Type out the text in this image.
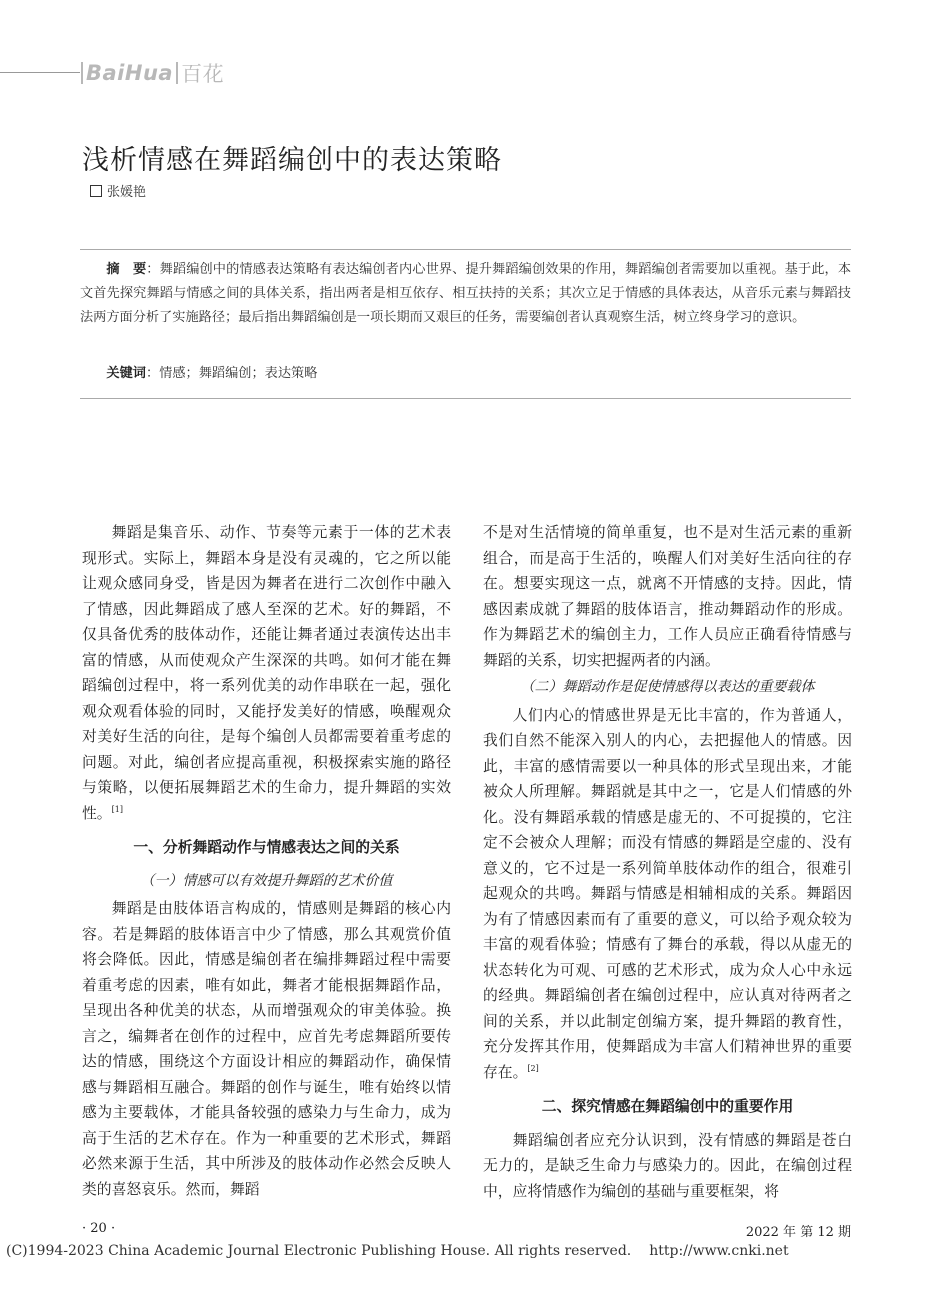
BaiHua 百花
浅析情感在舞蹈编创中的表达策略
张媛艳

摘　要：舞蹈编创中的情感表达策略有表达编创者内心世界、提升舞蹈编创效果的作用，舞蹈编创者需要加以重视。基于此，本文首先探究舞蹈与情感之间的具体关系，指出两者是相互依存、相互扶持的关系；其次立足于情感的具体表达，从音乐元素与舞蹈技法两方面分析了实施路径；最后指出舞蹈编创是一项长期而又艰巨的任务，需要编创者认真观察生活，树立终身学习的意识。

关键词：情感；舞蹈编创；表达策略

舞蹈是集音乐、动作、节奏等元素于一体的艺术表现形式。实际上，舞蹈本身是没有灵魂的，它之所以能让观众感同身受，皆是因为舞者在进行二次创作中融入了情感，因此舞蹈成了感人至深的艺术。好的舞蹈，不仅具备优秀的肢体动作，还能让舞者通过表演传达出丰富的情感，从而使观众产生深深的共鸣。如何才能在舞蹈编创过程中，将一系列优美的动作串联在一起，强化观众观看体验的同时，又能抒发美好的情感，唤醒观众对美好生活的向往，是每个编创人员都需要着重考虑的问题。对此，编创者应提高重视，积极探索实施的路径与策略，以便拓展舞蹈艺术的生命力，提升舞蹈的实效性。[1]

一、分析舞蹈动作与情感表达之间的关系
（一）情感可以有效提升舞蹈的艺术价值

舞蹈是由肢体语言构成的，情感则是舞蹈的核心内容。若是舞蹈的肢体语言中少了情感，那么其观赏价值将会降低。因此，情感是编创者在编排舞蹈过程中需要着重考虑的因素，唯有如此，舞者才能根据舞蹈作品，呈现出各种优美的状态，从而增强观众的审美体验。换言之，编舞者在创作的过程中，应首先考虑舞蹈所要传达的情感，围绕这个方面设计相应的舞蹈动作，确保情感与舞蹈相互融合。舞蹈的创作与诞生，唯有始终以情感为主要载体，才能具备较强的感染力与生命力，成为高于生活的艺术存在。作为一种重要的艺术形式，舞蹈必然来源于生活，其中所涉及的肢体动作必然会反映人类的喜怒哀乐。然而，舞蹈

不是对生活情境的简单重复，也不是对生活元素的重新组合，而是高于生活的，唤醒人们对美好生活向往的存在。想要实现这一点，就离不开情感的支持。因此，情感因素成就了舞蹈的肢体语言，推动舞蹈动作的形成。作为舞蹈艺术的编创主力，工作人员应正确看待情感与舞蹈的关系，切实把握两者的内涵。

（二）舞蹈动作是促使情感得以表达的重要载体

人们内心的情感世界是无比丰富的，作为普通人，我们自然不能深入别人的内心，去把握他人的情感。因此，丰富的感情需要以一种具体的形式呈现出来，才能被众人所理解。舞蹈就是其中之一，它是人们情感的外化。没有舞蹈承载的情感是虚无的、不可捉摸的，它注定不会被众人理解；而没有情感的舞蹈是空虚的、没有意义的，它不过是一系列简单肢体动作的组合，很难引起观众的共鸣。舞蹈与情感是相辅相成的关系。舞蹈因为有了情感因素而有了重要的意义，可以给予观众较为丰富的观看体验；情感有了舞台的承载，得以从虚无的状态转化为可观、可感的艺术形式，成为众人心中永远的经典。舞蹈编创者在编创过程中，应认真对待两者之间的关系，并以此制定创编方案，提升舞蹈的教育性，充分发挥其作用，使舞蹈成为丰富人们精神世界的重要存在。[2]

二、探究情感在舞蹈编创中的重要作用

舞蹈编创者应充分认识到，没有情感的舞蹈是苍白无力的，是缺乏生命力与感染力的。因此，在编创过程中，应将情感作为编创的基础与重要框架，将

· 20 ·	2022 年 第 12 期
(C)1994-2023 China Academic Journal Electronic Publishing House. All rights reserved. http://www.cnki.net
